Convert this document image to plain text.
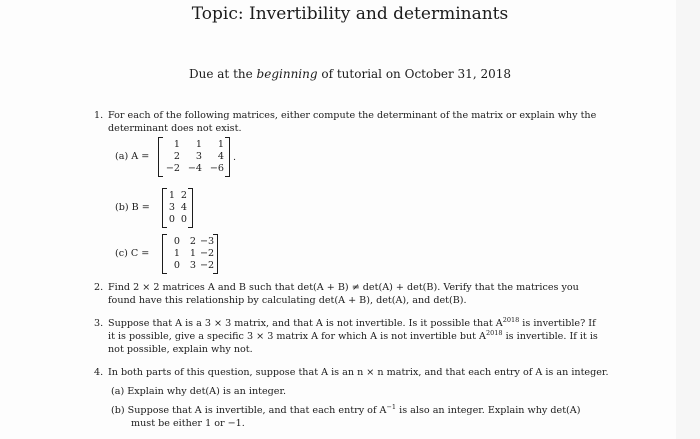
Topic: Invertibility and determinants
Due at the beginning of tutorial on October 31, 2018
1. For each of the following matrices, either compute the determinant of the matrix or explain why the
determinant does not exist.
(a) A =
1	1	1
2	3	4
−2 −4 −6
.
(b) B =
1 2
3 4
0 0
(c) C =
0	2 −3
1	1 −2
0	3 −2
2. Find 2 × 2 matrices A and B such that det(A + B) ≠ det(A) + det(B). Verify that the matrices you
found have this relationship by calculating det(A + B), det(A), and det(B).
3. Suppose that A is a 3 × 3 matrix, and that A is not invertible. Is it possible that $A^{2018}$ is invertible? If
it is possible, give a specific 3 × 3 matrix A for which A is not invertible but $A^{2018}$ is invertible. If it is
not possible, explain why not.
4. In both parts of this question, suppose that A is an n × n matrix, and that each entry of A is an integer.
(a) Explain why det(A) is an integer.
(b) Suppose that A is invertible, and that each entry of $A^{-1}$ is also an integer. Explain why det(A)
must be either 1 or −1.
